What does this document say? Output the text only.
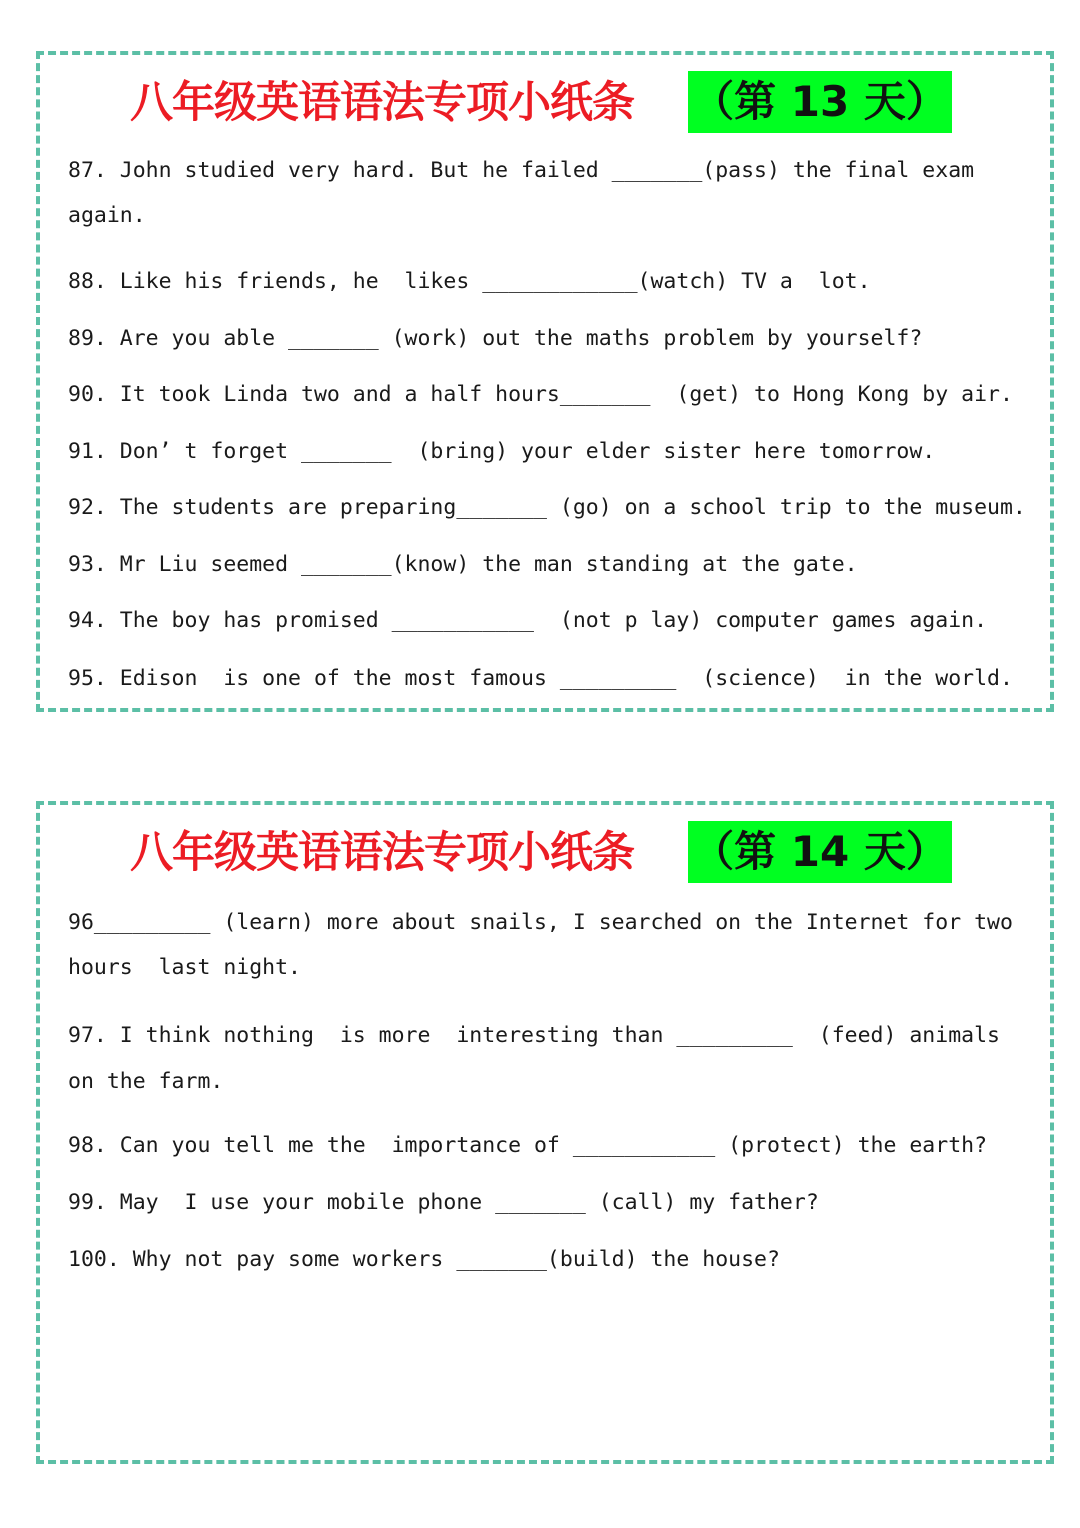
八年级英语语法专项小纸条 （第 13 天）
87. John studied very hard. But he failed _______(pass) the final exam
again.
88. Like his friends, he  likes ____________(watch) TV a  lot.
89. Are you able _______ (work) out the maths problem by yourself?
90. It took Linda two and a half hours_______  (get) to Hong Kong by air.
91. Don’ t forget _______  (bring) your elder sister here tomorrow.
92. The students are preparing_______ (go) on a school trip to the museum.
93. Mr Liu seemed _______(know) the man standing at the gate.
94. The boy has promised ___________  (not p lay) computer games again.
95. Edison  is one of the most famous _________  (science)  in the world.
八年级英语语法专项小纸条 （第 14 天）
96_________ (learn) more about snails, I searched on the Internet for two
hours  last night.
97. I think nothing  is more  interesting than _________  (feed) animals
on the farm.
98. Can you tell me the  importance of ___________ (protect) the earth?
99. May  I use your mobile phone _______ (call) my father?
100. Why not pay some workers _______(build) the house?
